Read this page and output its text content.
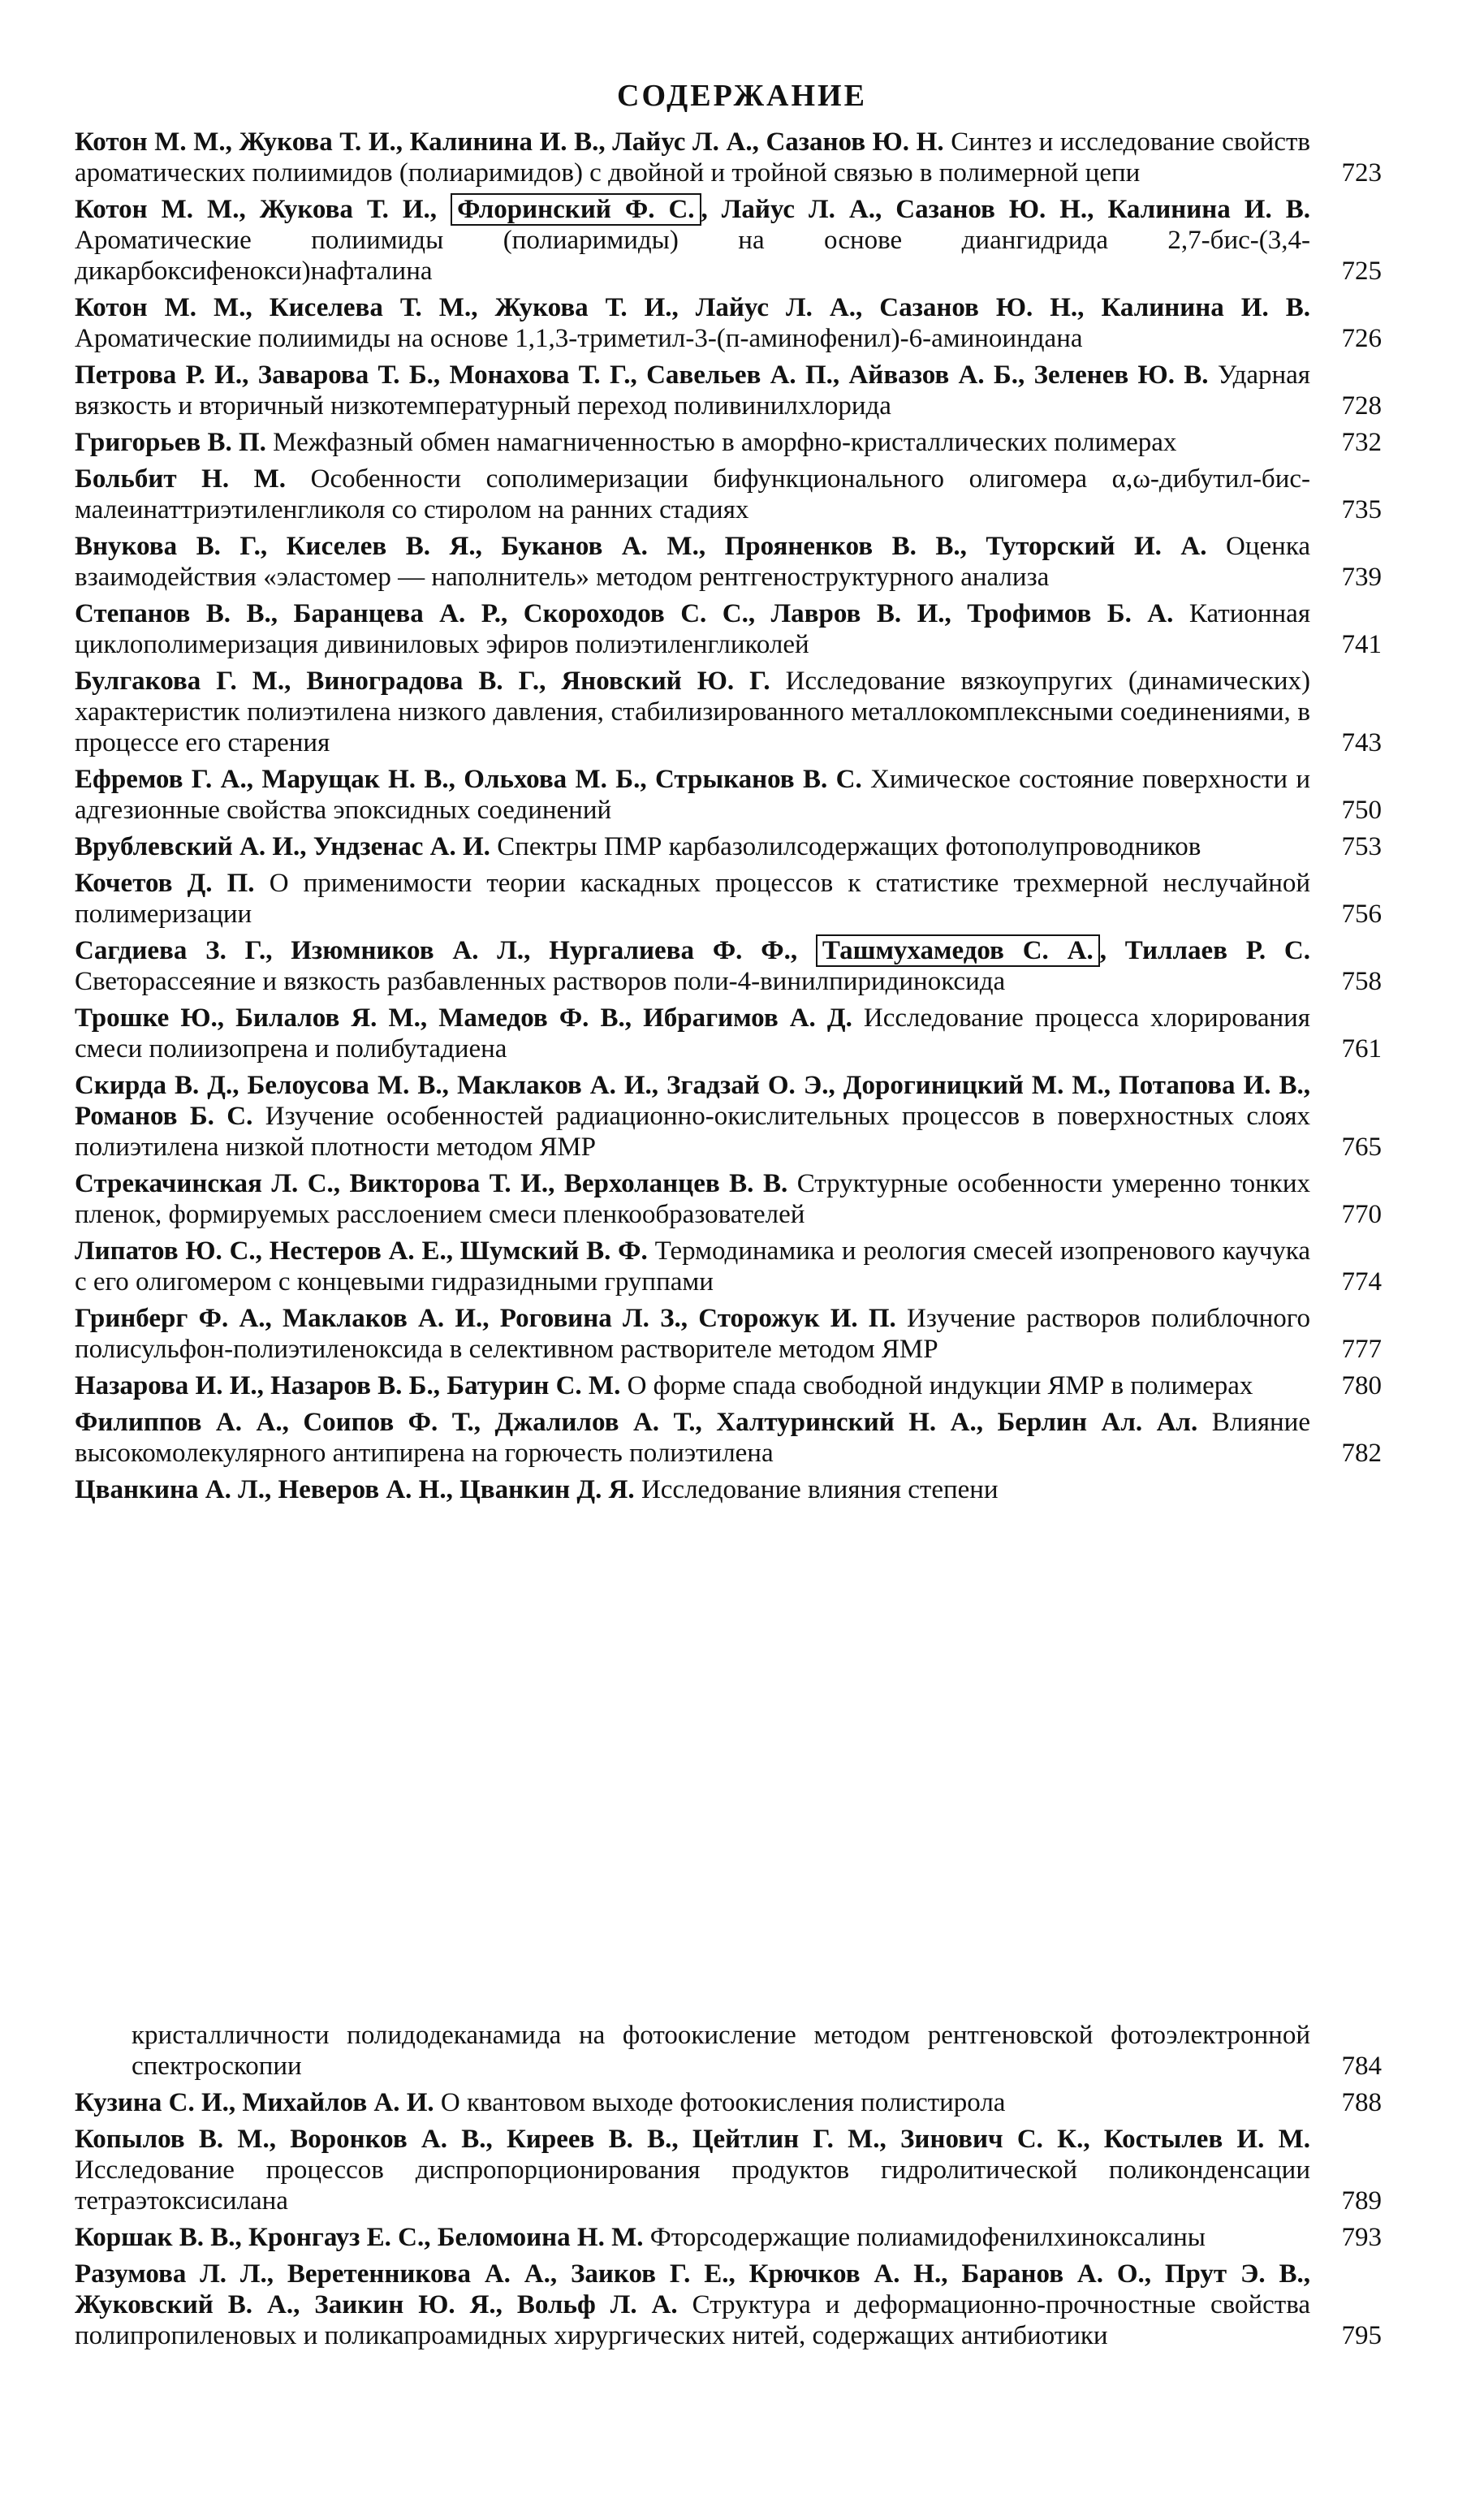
СОДЕРЖАНИЕ
Котон М. М., Жукова Т. И., Калинина И. В., Лайус Л. А., Сазанов Ю. Н. Синтез и исследование свойств ароматических полиимидов (полиаримидов) с двойной и тройной связью в полимерной цепи	723
Котон М. М., Жукова Т. И., Флоринский Ф. С. , Лайус Л. А., Сазанов Ю. Н., Калинина И. В. Ароматические полиимиды (полиаримиды) на основе диангидрида 2,7-бис-(3,4-дикарбоксифенокси)нафталина	725
Котон М. М., Киселева Т. М., Жукова Т. И., Лайус Л. А., Сазанов Ю. Н., Калинина И. В. Ароматические полиимиды на основе 1,1,3-триметил-3-(п-аминофенил)-6-аминоиндана	726
Петрова Р. И., Заварова Т. Б., Монахова Т. Г., Савельев А. П., Айвазов А. Б., Зеленев Ю. В. Ударная вязкость и вторичный низкотемпературный переход поливинилхлорида	728
Григорьев В. П. Межфазный обмен намагниченностью в аморфно-кристаллических полимерах	732
Больбит Н. М. Особенности сополимеризации бифункционального олигомера α,ω-дибутил-бис-малеинаттриэтиленгликоля со стиролом на ранних стадиях	735
Внукова В. Г., Киселев В. Я., Буканов А. М., Прояненков В. В., Туторский И. А. Оценка взаимодействия «эластомер — наполнитель» методом рентгеноструктурного анализа	739
Степанов В. В., Баранцева А. Р., Скороходов С. С., Лавров В. И., Трофимов Б. А. Катионная циклополимеризация дивиниловых эфиров полиэтиленгликолей	741
Булгакова Г. М., Виноградова В. Г., Яновский Ю. Г. Исследование вязкоупругих (динамических) характеристик полиэтилена низкого давления, стабилизированного металлокомплексными соединениями, в процессе его старения	743
Ефремов Г. А., Марущак Н. В., Ольхова М. Б., Стрыканов В. С. Химическое состояние поверхности и адгезионные свойства эпоксидных соединений	750
Врублевский А. И., Ундзенас А. И. Спектры ПМР карбазолилсодержащих фотополупроводников	753
Кочетов Д. П. О применимости теории каскадных процессов к статистике трехмерной неслучайной полимеризации	756
Сагдиева З. Г., Изюмников А. Л., Нургалиева Ф. Ф., Ташмухамедов С. А. , Тиллаев Р. С. Светорассеяние и вязкость разбавленных растворов поли-4-винилпиридиноксида	758
Трошке Ю., Билалов Я. М., Мамедов Ф. В., Ибрагимов А. Д. Исследование процесса хлорирования смеси полиизопрена и полибутадиена	761
Скирда В. Д., Белоусова М. В., Маклаков А. И., Згадзай О. Э., Дорогиницкий М. М., Потапова И. В., Романов Б. С. Изучение особенностей радиационно-окислительных процессов в поверхностных слоях полиэтилена низкой плотности методом ЯМР	765
Стрекачинская Л. С., Викторова Т. И., Верхоланцев В. В. Структурные особенности умеренно тонких пленок, формируемых расслоением смеси пленкообразователей	770
Липатов Ю. С., Нестеров А. Е., Шумский В. Ф. Термодинамика и реология смесей изопренового каучука с его олигомером с концевыми гидразидными группами	774
Гринберг Ф. А., Маклаков А. И., Роговина Л. З., Сторожук И. П. Изучение растворов полиблочного полисульфон-полиэтиленоксида в селективном растворителе методом ЯМР	777
Назарова И. И., Назаров В. Б., Батурин С. М. О форме спада свободной индукции ЯМР в полимерах	780
Филиппов А. А., Соипов Ф. Т., Джалилов А. Т., Халтуринский Н. А., Берлин Ал. Ал. Влияние высокомолекулярного антипирена на горючесть полиэтилена	782
Цванкина А. Л., Неверов А. Н., Цванкин Д. Я. Исследование влияния степени
кристалличности полидодеканамида на фотоокисление методом рентгеновской фотоэлектронной спектроскопии	784
Кузина С. И., Михайлов А. И. О квантовом выходе фотоокисления полистирола	788
Копылов В. М., Воронков А. В., Киреев В. В., Цейтлин Г. М., Зинович С. К., Костылев И. М. Исследование процессов диспропорционирования продуктов гидролитической поликонденсации тетраэтоксисилана	789
Коршак В. В., Кронгауз Е. С., Беломоина Н. М. Фторсодержащие полиамидофенилхиноксалины	793
Разумова Л. Л., Веретенникова А. А., Заиков Г. Е., Крючков А. Н., Баранов А. О., Прут Э. В., Жуковский В. А., Заикин Ю. Я., Вольф Л. А. Структура и деформационно-прочностные свойства полипропиленовых и поликапроамидных хирургических нитей, содержащих антибиотики	795
